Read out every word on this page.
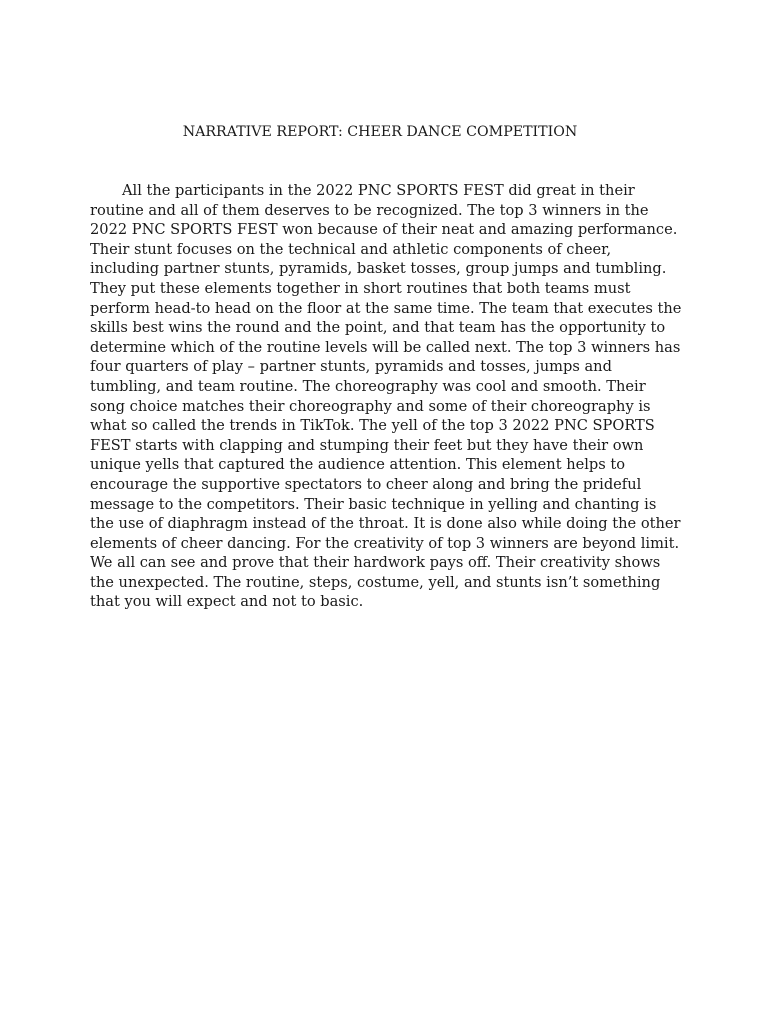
NARRATIVE REPORT: CHEER DANCE COMPETITION
All the participants in the 2022 PNC SPORTS FEST did great in their
routine and all of them deserves to be recognized. The top 3 winners in the
2022 PNC SPORTS FEST won because of their neat and amazing performance.
Their stunt focuses on the technical and athletic components of cheer,
including partner stunts, pyramids, basket tosses, group jumps and tumbling.
They put these elements together in short routines that both teams must
perform head-to head on the floor at the same time. The team that executes the
skills best wins the round and the point, and that team has the opportunity to
determine which of the routine levels will be called next. The top 3 winners has
four quarters of play – partner stunts, pyramids and tosses, jumps and
tumbling, and team routine. The choreography was cool and smooth. Their
song choice matches their choreography and some of their choreography is
what so called the trends in TikTok. The yell of the top 3 2022 PNC SPORTS
FEST starts with clapping and stumping their feet but they have their own
unique yells that captured the audience attention. This element helps to
encourage the supportive spectators to cheer along and bring the prideful
message to the competitors. Their basic technique in yelling and chanting is
the use of diaphragm instead of the throat. It is done also while doing the other
elements of cheer dancing. For the creativity of top 3 winners are beyond limit.
We all can see and prove that their hardwork pays off. Their creativity shows
the unexpected. The routine, steps, costume, yell, and stunts isn’t something
that you will expect and not to basic.
